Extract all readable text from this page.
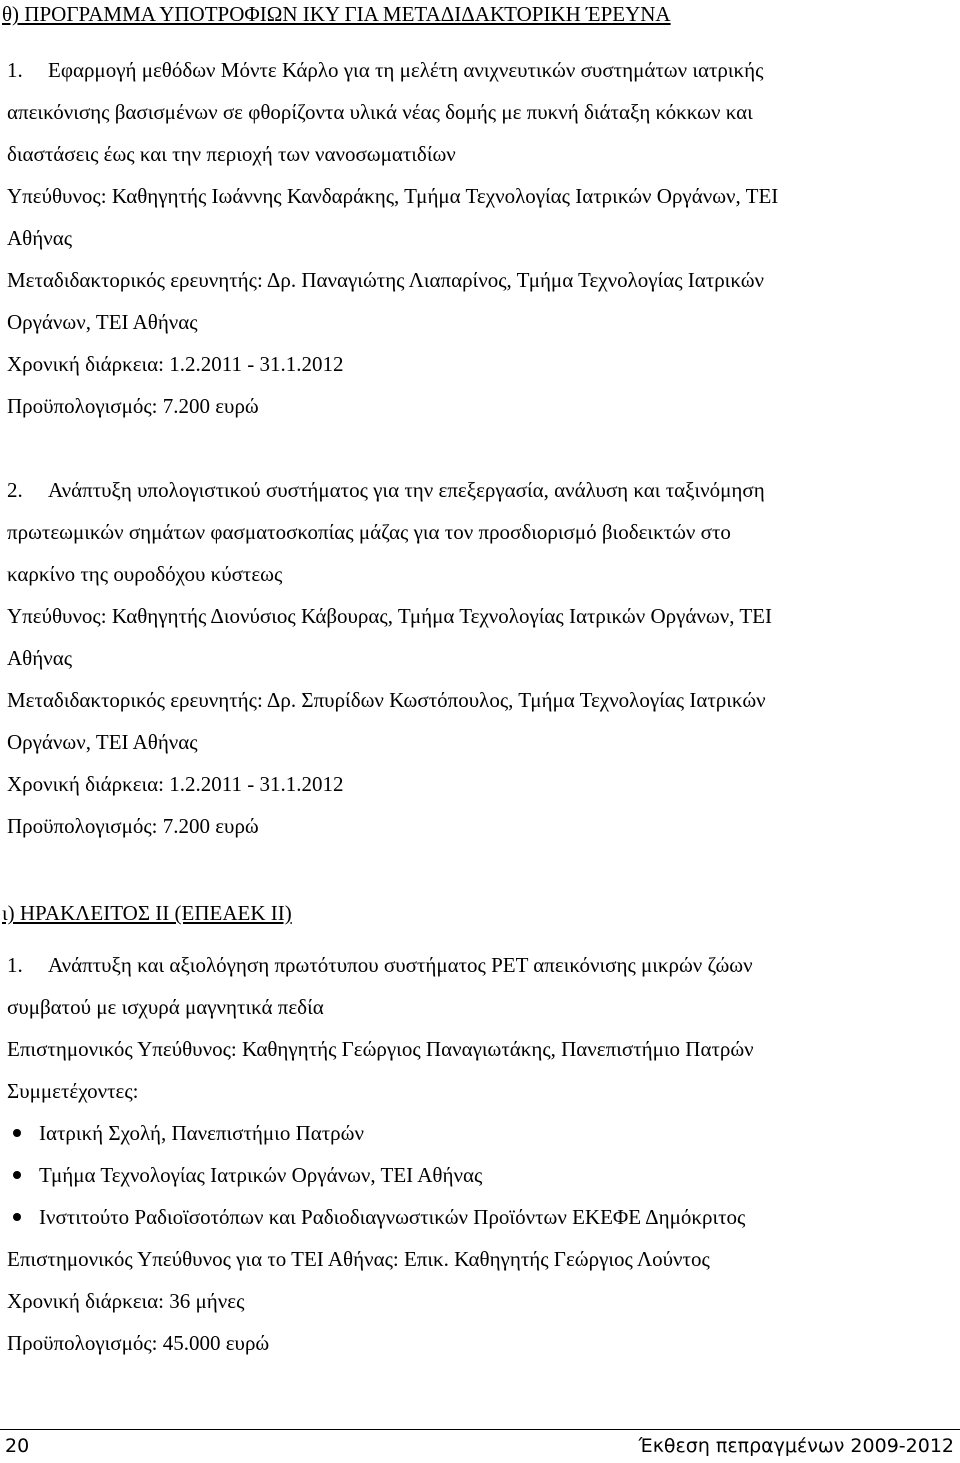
θ) ΠΡΟΓΡΑΜΜΑ ΥΠΟΤΡΟΦΙΩΝ ΙΚΥ ΓΙΑ ΜΕΤΑΔΙΔΑΚΤΟΡΙΚΗ ΈΡΕΥΝΑ
1.	Εφαρμογή μεθόδων Μόντε Κάρλο για τη μελέτη ανιχνευτικών συστημάτων ιατρικής
απεικόνισης βασισμένων σε φθορίζοντα υλικά νέας δομής με πυκνή διάταξη κόκκων και
διαστάσεις έως και την περιοχή των νανοσωματιδίων
Υπεύθυνος: Καθηγητής Ιωάννης Κανδαράκης, Τμήμα Τεχνολογίας Ιατρικών Οργάνων, ΤΕΙ
Αθήνας
Μεταδιδακτορικός ερευνητής: Δρ. Παναγιώτης Λιαπαρίνος, Τμήμα Τεχνολογίας Ιατρικών
Οργάνων, ΤΕΙ Αθήνας
Χρονική διάρκεια: 1.2.2011 - 31.1.2012
Προϋπολογισμός: 7.200 ευρώ
2.	Ανάπτυξη υπολογιστικού συστήματος για την επεξεργασία, ανάλυση και ταξινόμηση
πρωτεωμικών σημάτων φασματοσκοπίας μάζας για τον προσδιορισμό βιοδεικτών στο
καρκίνο της ουροδόχου κύστεως
Υπεύθυνος: Καθηγητής Διονύσιος Κάβουρας, Τμήμα Τεχνολογίας Ιατρικών Οργάνων, ΤΕΙ
Αθήνας
Μεταδιδακτορικός ερευνητής: Δρ. Σπυρίδων Κωστόπουλος, Τμήμα Τεχνολογίας Ιατρικών
Οργάνων, ΤΕΙ Αθήνας
Χρονική διάρκεια: 1.2.2011 - 31.1.2012
Προϋπολογισμός: 7.200 ευρώ
ι) ΗΡΑΚΛΕΙΤΟΣ ΙΙ (ΕΠΕΑΕΚ ΙΙ)
1.	Ανάπτυξη και αξιολόγηση πρωτότυπου συστήματος PET απεικόνισης μικρών ζώων
συμβατού με ισχυρά μαγνητικά πεδία
Επιστημονικός Υπεύθυνος: Καθηγητής Γεώργιος Παναγιωτάκης, Πανεπιστήμιο Πατρών
Συμμετέχοντες:
Ιατρική Σχολή, Πανεπιστήμιο Πατρών
Τμήμα Τεχνολογίας Ιατρικών Οργάνων, ΤΕΙ Αθήνας
Ινστιτούτο Ραδιοϊσοτόπων και Ραδιοδιαγνωστικών Προϊόντων ΕΚΕΦΕ Δημόκριτος
Επιστημονικός Υπεύθυνος για το ΤΕΙ Αθήνας: Επικ. Καθηγητής Γεώργιος Λούντος
Χρονική διάρκεια: 36 μήνες
Προϋπολογισμός: 45.000 ευρώ
20	Έκθεση πεπραγμένων 2009-2012
